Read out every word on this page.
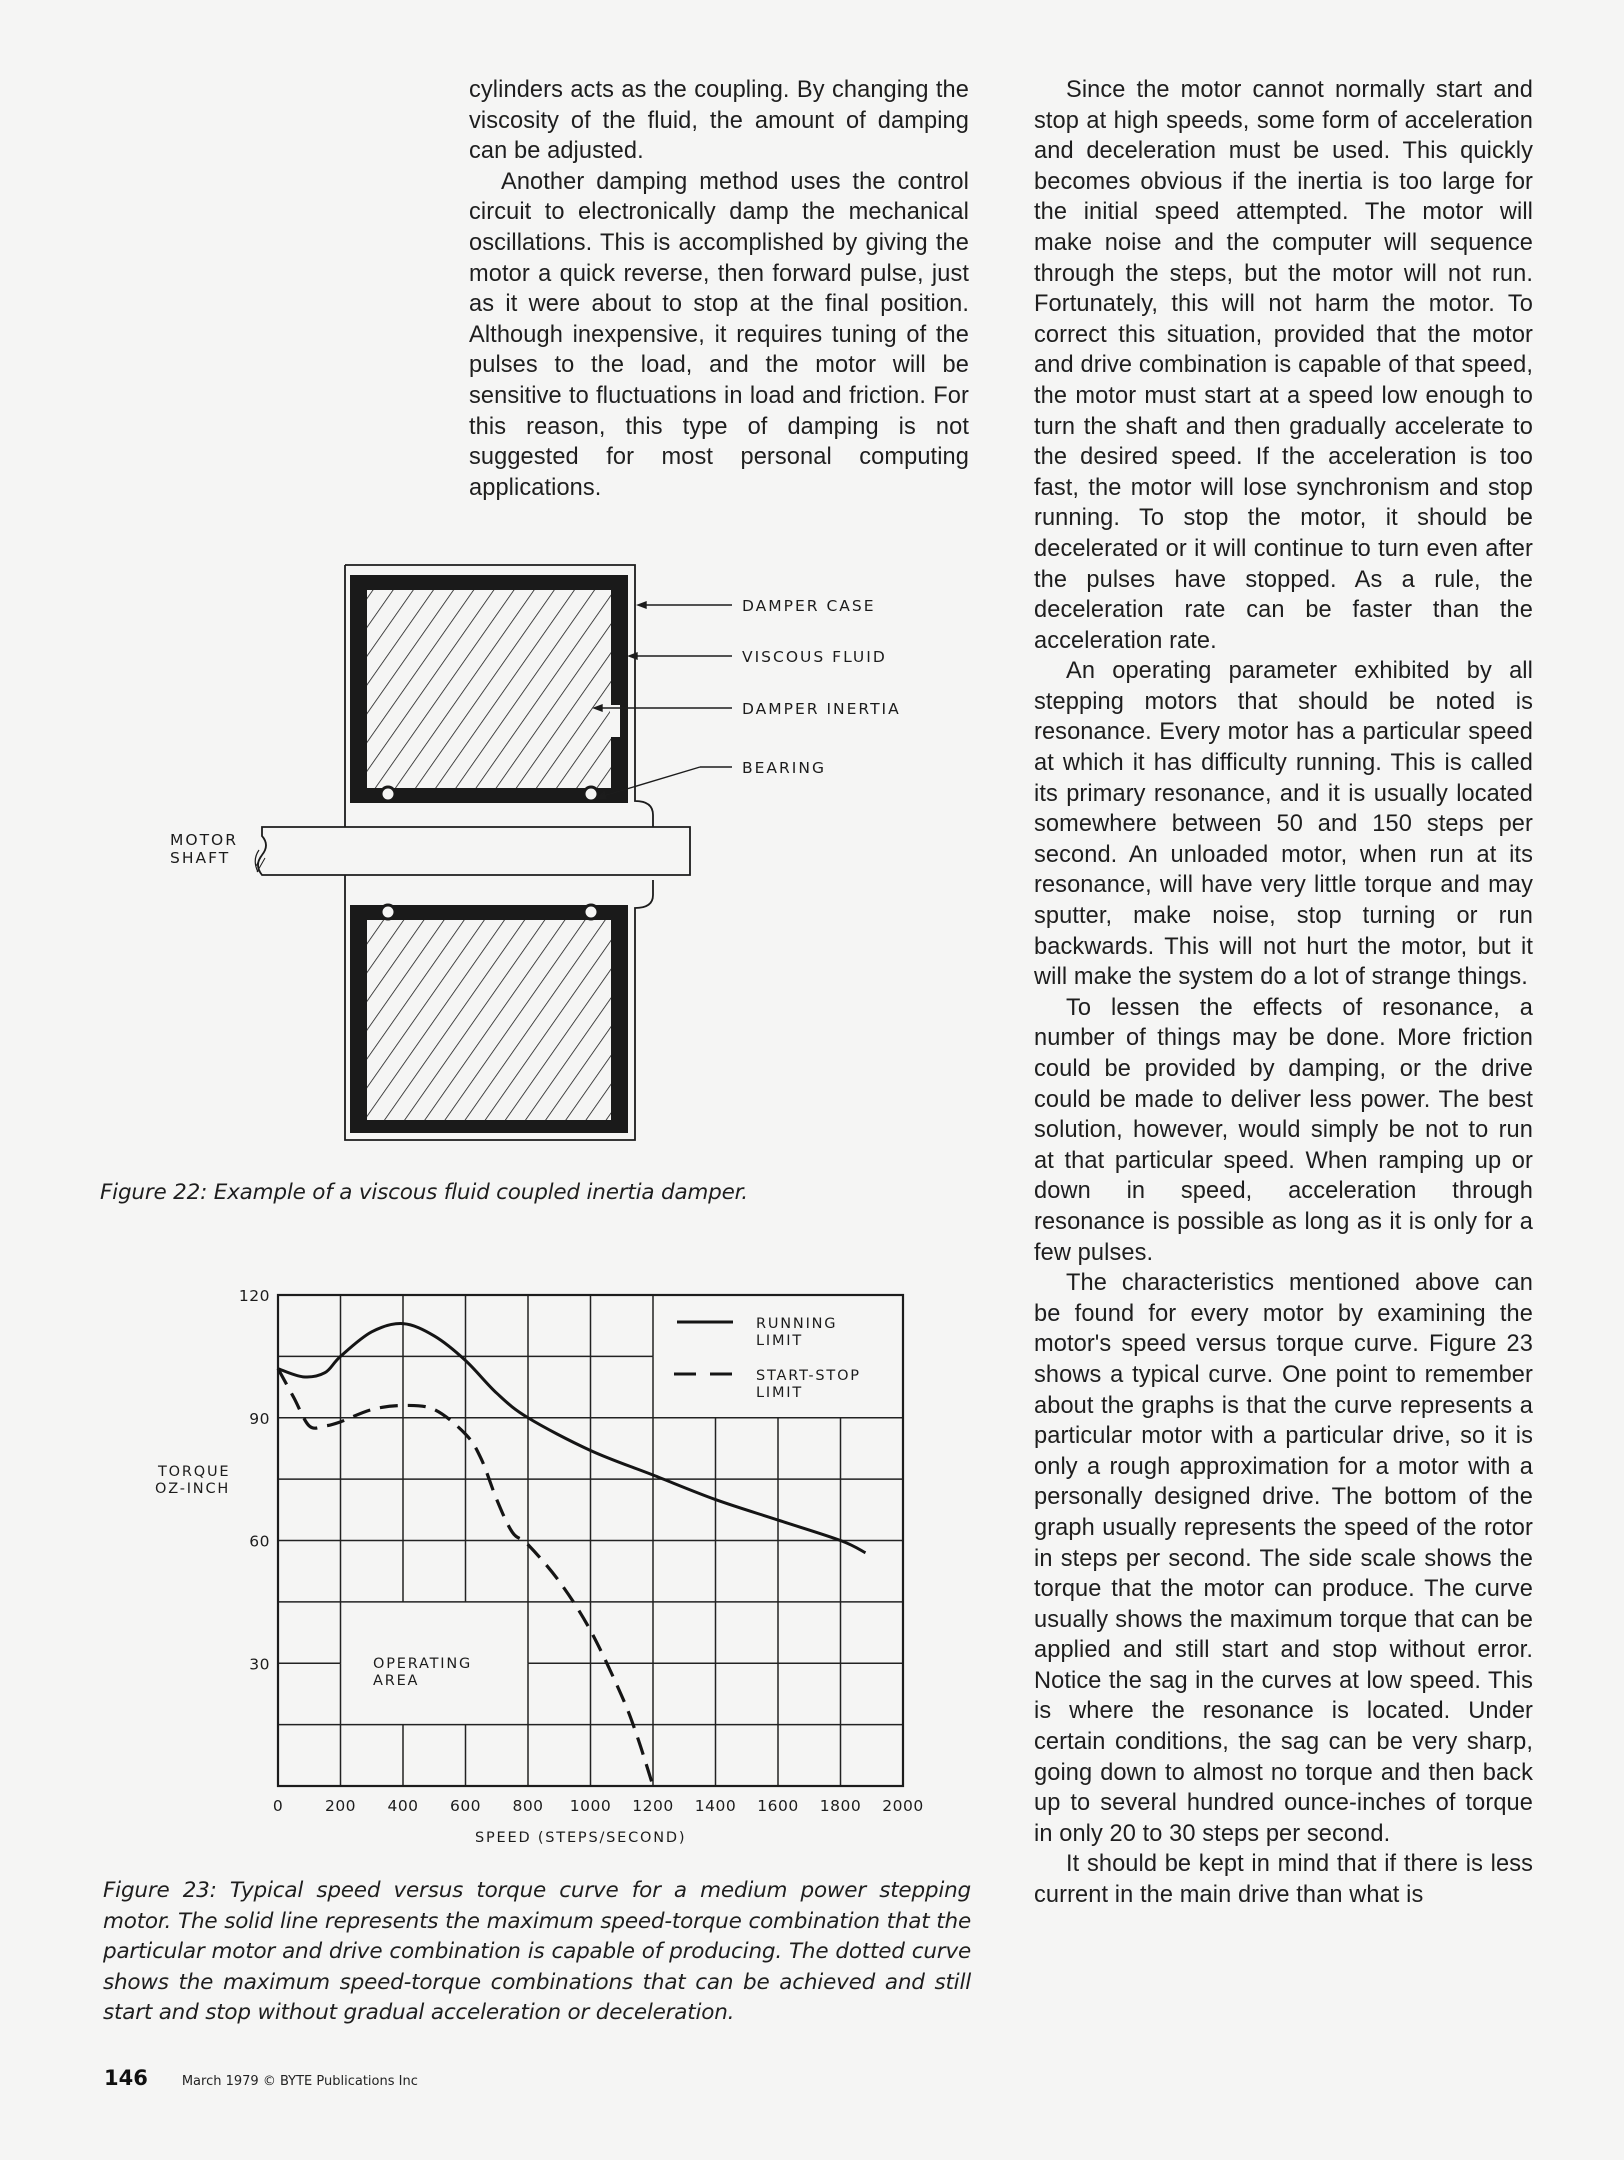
cylinders acts as the coupling. By changing the viscosity of the fluid, the amount of damping can be adjusted.

Another damping method uses the control circuit to electronically damp the mechanical oscillations. This is accomplished by giving the motor a quick reverse, then forward pulse, just as it were about to stop at the final position. Although inexpensive, it requires tuning of the pulses to the load, and the motor will be sensitive to fluctuations in load and friction. For this reason, this type of damping is not suggested for most personal computing applications.

DAMPER CASE
VISCOUS FLUID
DAMPER INERTIA
BEARING
MOTOR
SHAFT
Figure 22: Example of a viscous fluid coupled inertia damper.
30
60
90
120
0	200 400 600 800 1000 1200 1400 1600 1800 2000
RUNNING
LIMIT
START-STOP
LIMIT
OPERATING
AREA
TORQUE
OZ-INCH
SPEED (STEPS/SECOND)
Figure 23: Typical speed versus torque curve for a medium power stepping motor. The solid line represents the maximum speed-torque combination that the particular motor and drive combination is capable of producing. The dotted curve shows the maximum speed-torque combinations that can be achieved and still start and stop without gradual acceleration or deceleration.

Since the motor cannot normally start and stop at high speeds, some form of acceleration and deceleration must be used. This quickly becomes obvious if the inertia is too large for the initial speed attempted. The motor will make noise and the computer will sequence through the steps, but the motor will not run. Fortunately, this will not harm the motor. To correct this situation, provided that the motor and drive combination is capable of that speed, the motor must start at a speed low enough to turn the shaft and then gradually accelerate to the desired speed. If the acceleration is too fast, the motor will lose synchronism and stop running. To stop the motor, it should be decelerated or it will continue to turn even after the pulses have stopped. As a rule, the deceleration rate can be faster than the acceleration rate.

An operating parameter exhibited by all stepping motors that should be noted is resonance. Every motor has a particular speed at which it has difficulty running. This is called its primary resonance, and it is usually located somewhere between 50 and 150 steps per second. An unloaded motor, when run at its resonance, will have very little torque and may sputter, make noise, stop turning or run backwards. This will not hurt the motor, but it will make the system do a lot of strange things.

To lessen the effects of resonance, a number of things may be done. More friction could be provided by damping, or the drive could be made to deliver less power. The best solution, however, would simply be not to run at that particular speed. When ramping up or down in speed, acceleration through resonance is possible as long as it is only for a few pulses.

The characteristics mentioned above can be found for every motor by examining the motor's speed versus torque curve. Figure 23 shows a typical curve. One point to remember about the graphs is that the curve represents a particular motor with a particular drive, so it is only a rough approximation for a motor with a personally designed drive. The bottom of the graph usually represents the speed of the rotor in steps per second. The side scale shows the torque that the motor can produce. The curve usually shows the maximum torque that can be applied and still start and stop without error. Notice the sag in the curves at low speed. This is where the resonance is located. Under certain conditions, the sag can be very sharp, going down to almost no torque and then back up to several hundred ounce-inches of torque in only 20 to 30 steps per second.

It should be kept in mind that if there is less current in the main drive than what is

146	March 1979 © BYTE Publications Inc
